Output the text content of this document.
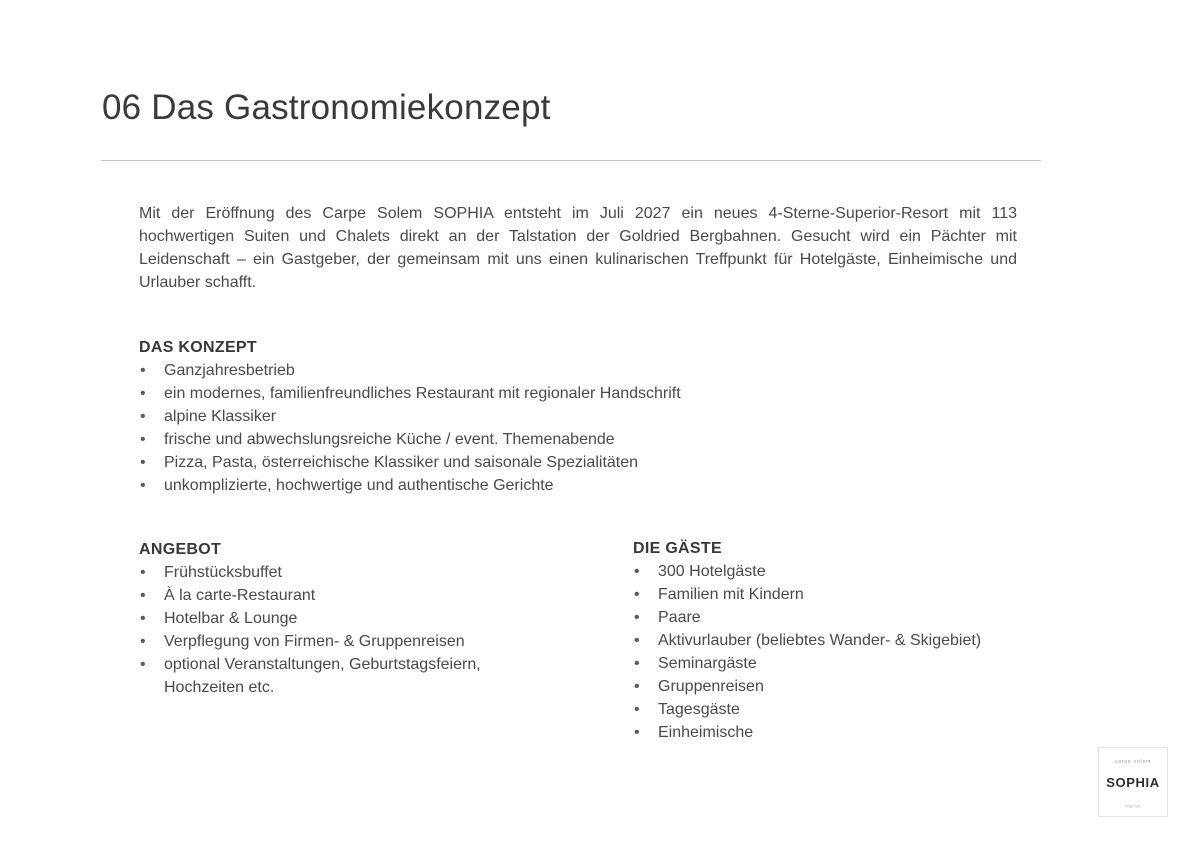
06 Das Gastronomiekonzept

Mit der Eröffnung des Carpe Solem SOPHIA entsteht im Juli 2027 ein neues 4-Sterne-Superior-Resort mit 113 hochwertigen Suiten und Chalets direkt an der Talstation der Goldried Bergbahnen. Gesucht wird ein Pächter mit Leidenschaft – ein Gastgeber, der gemeinsam mit uns einen kulinarischen Treffpunkt für Hotelgäste, Einheimische und Urlauber schafft.

DAS KONZEPT
• Ganzjahresbetrieb
• ein modernes, familienfreundliches Restaurant mit regionaler Handschrift
• alpine Klassiker
• frische und abwechslungsreiche Küche / event. Themenabende
• Pizza, Pasta, österreichische Klassiker und saisonale Spezialitäten
• unkomplizierte, hochwertige und authentische Gerichte
ANGEBOT
• Frühstücksbuffet
• À la carte-Restaurant
• Hotelbar & Lounge
• Verpflegung von Firmen- & Gruppenreisen
• optional Veranstaltungen, Geburtstagsfeiern, Hochzeiten etc.
DIE GÄSTE
• 300 Hotelgäste
• Familien mit Kindern
• Paare
• Aktivurlauber (beliebtes Wander- & Skigebiet)
• Seminargäste
• Gruppenreisen
• Tagesgäste
• Einheimische
carpe solem
SOPHIA
alpine
